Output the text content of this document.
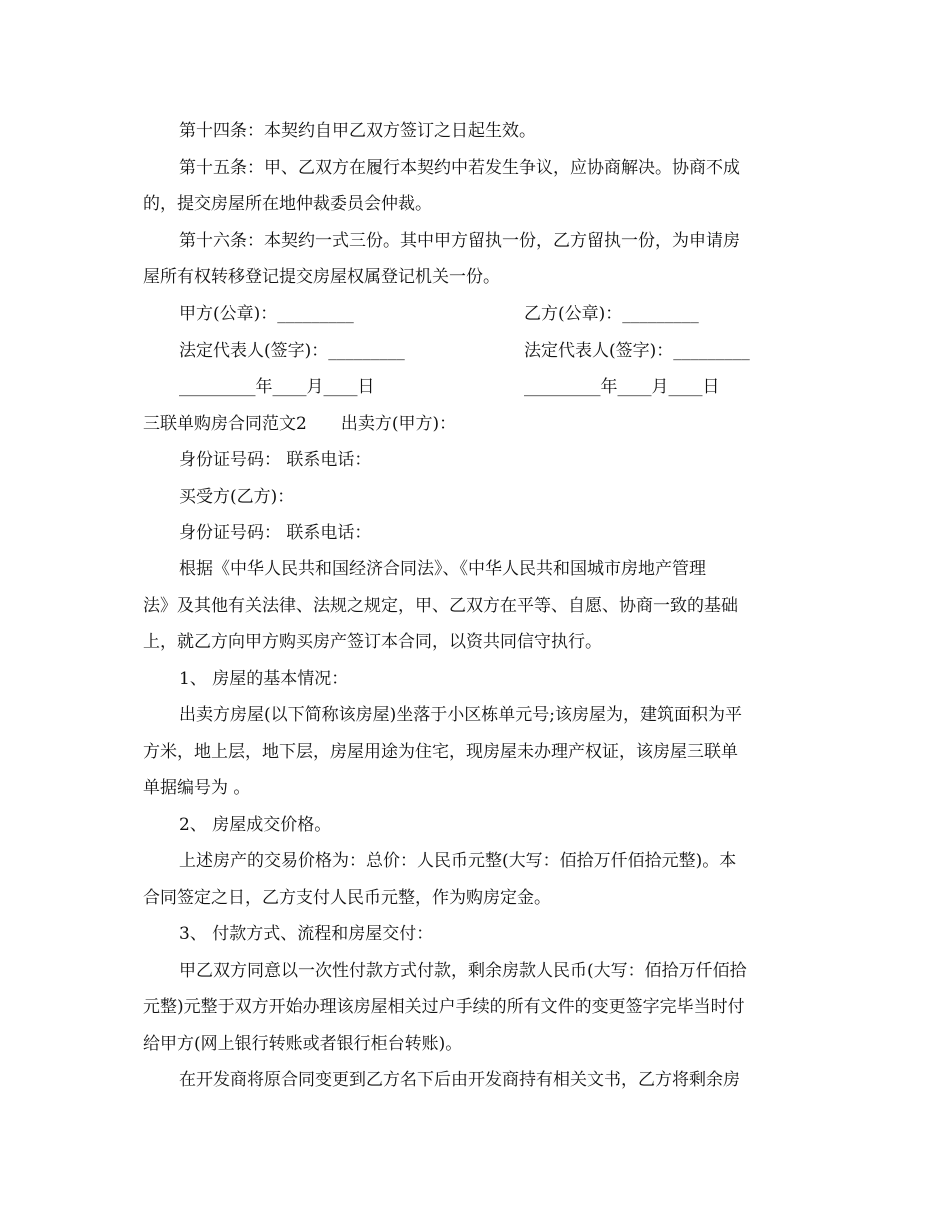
第十四条：本契约自甲乙双方签订之日起生效。
第十五条：甲、乙双方在履行本契约中若发生争议，应协商解决。协商不成
的，提交房屋所在地仲裁委员会仲裁。
第十六条：本契约一式三份。其中甲方留执一份，乙方留执一份，为申请房
屋所有权转移登记提交房屋权属登记机关一份。
甲方(公章)：_________	乙方(公章)：_________
法定代表人(签字)：_________	法定代表人(签字)：_________
_________年____月____日	_________年____月____日
三联单购房合同范文2　　出卖方(甲方)：
身份证号码： 联系电话：
买受方(乙方)：
身份证号码： 联系电话：
根据《中华人民共和国经济合同法》、《中华人民共和国城市房地产管理
法》及其他有关法律、法规之规定，甲、乙双方在平等、自愿、协商一致的基础
上，就乙方向甲方购买房产签订本合同，以资共同信守执行。
1、 房屋的基本情况：
出卖方房屋(以下简称该房屋)坐落于小区栋单元号;该房屋为，建筑面积为平
方米，地上层，地下层，房屋用途为住宅，现房屋未办理产权证，该房屋三联单
单据编号为 。
2、 房屋成交价格。
上述房产的交易价格为：总价：人民币元整(大写：佰拾万仟佰拾元整)。本
合同签定之日，乙方支付人民币元整，作为购房定金。
3、 付款方式、流程和房屋交付：
甲乙双方同意以一次性付款方式付款，剩余房款人民币(大写：佰拾万仟佰拾
元整)元整于双方开始办理该房屋相关过户手续的所有文件的变更签字完毕当时付
给甲方(网上银行转账或者银行柜台转账)。
在开发商将原合同变更到乙方名下后由开发商持有相关文书，乙方将剩余房
